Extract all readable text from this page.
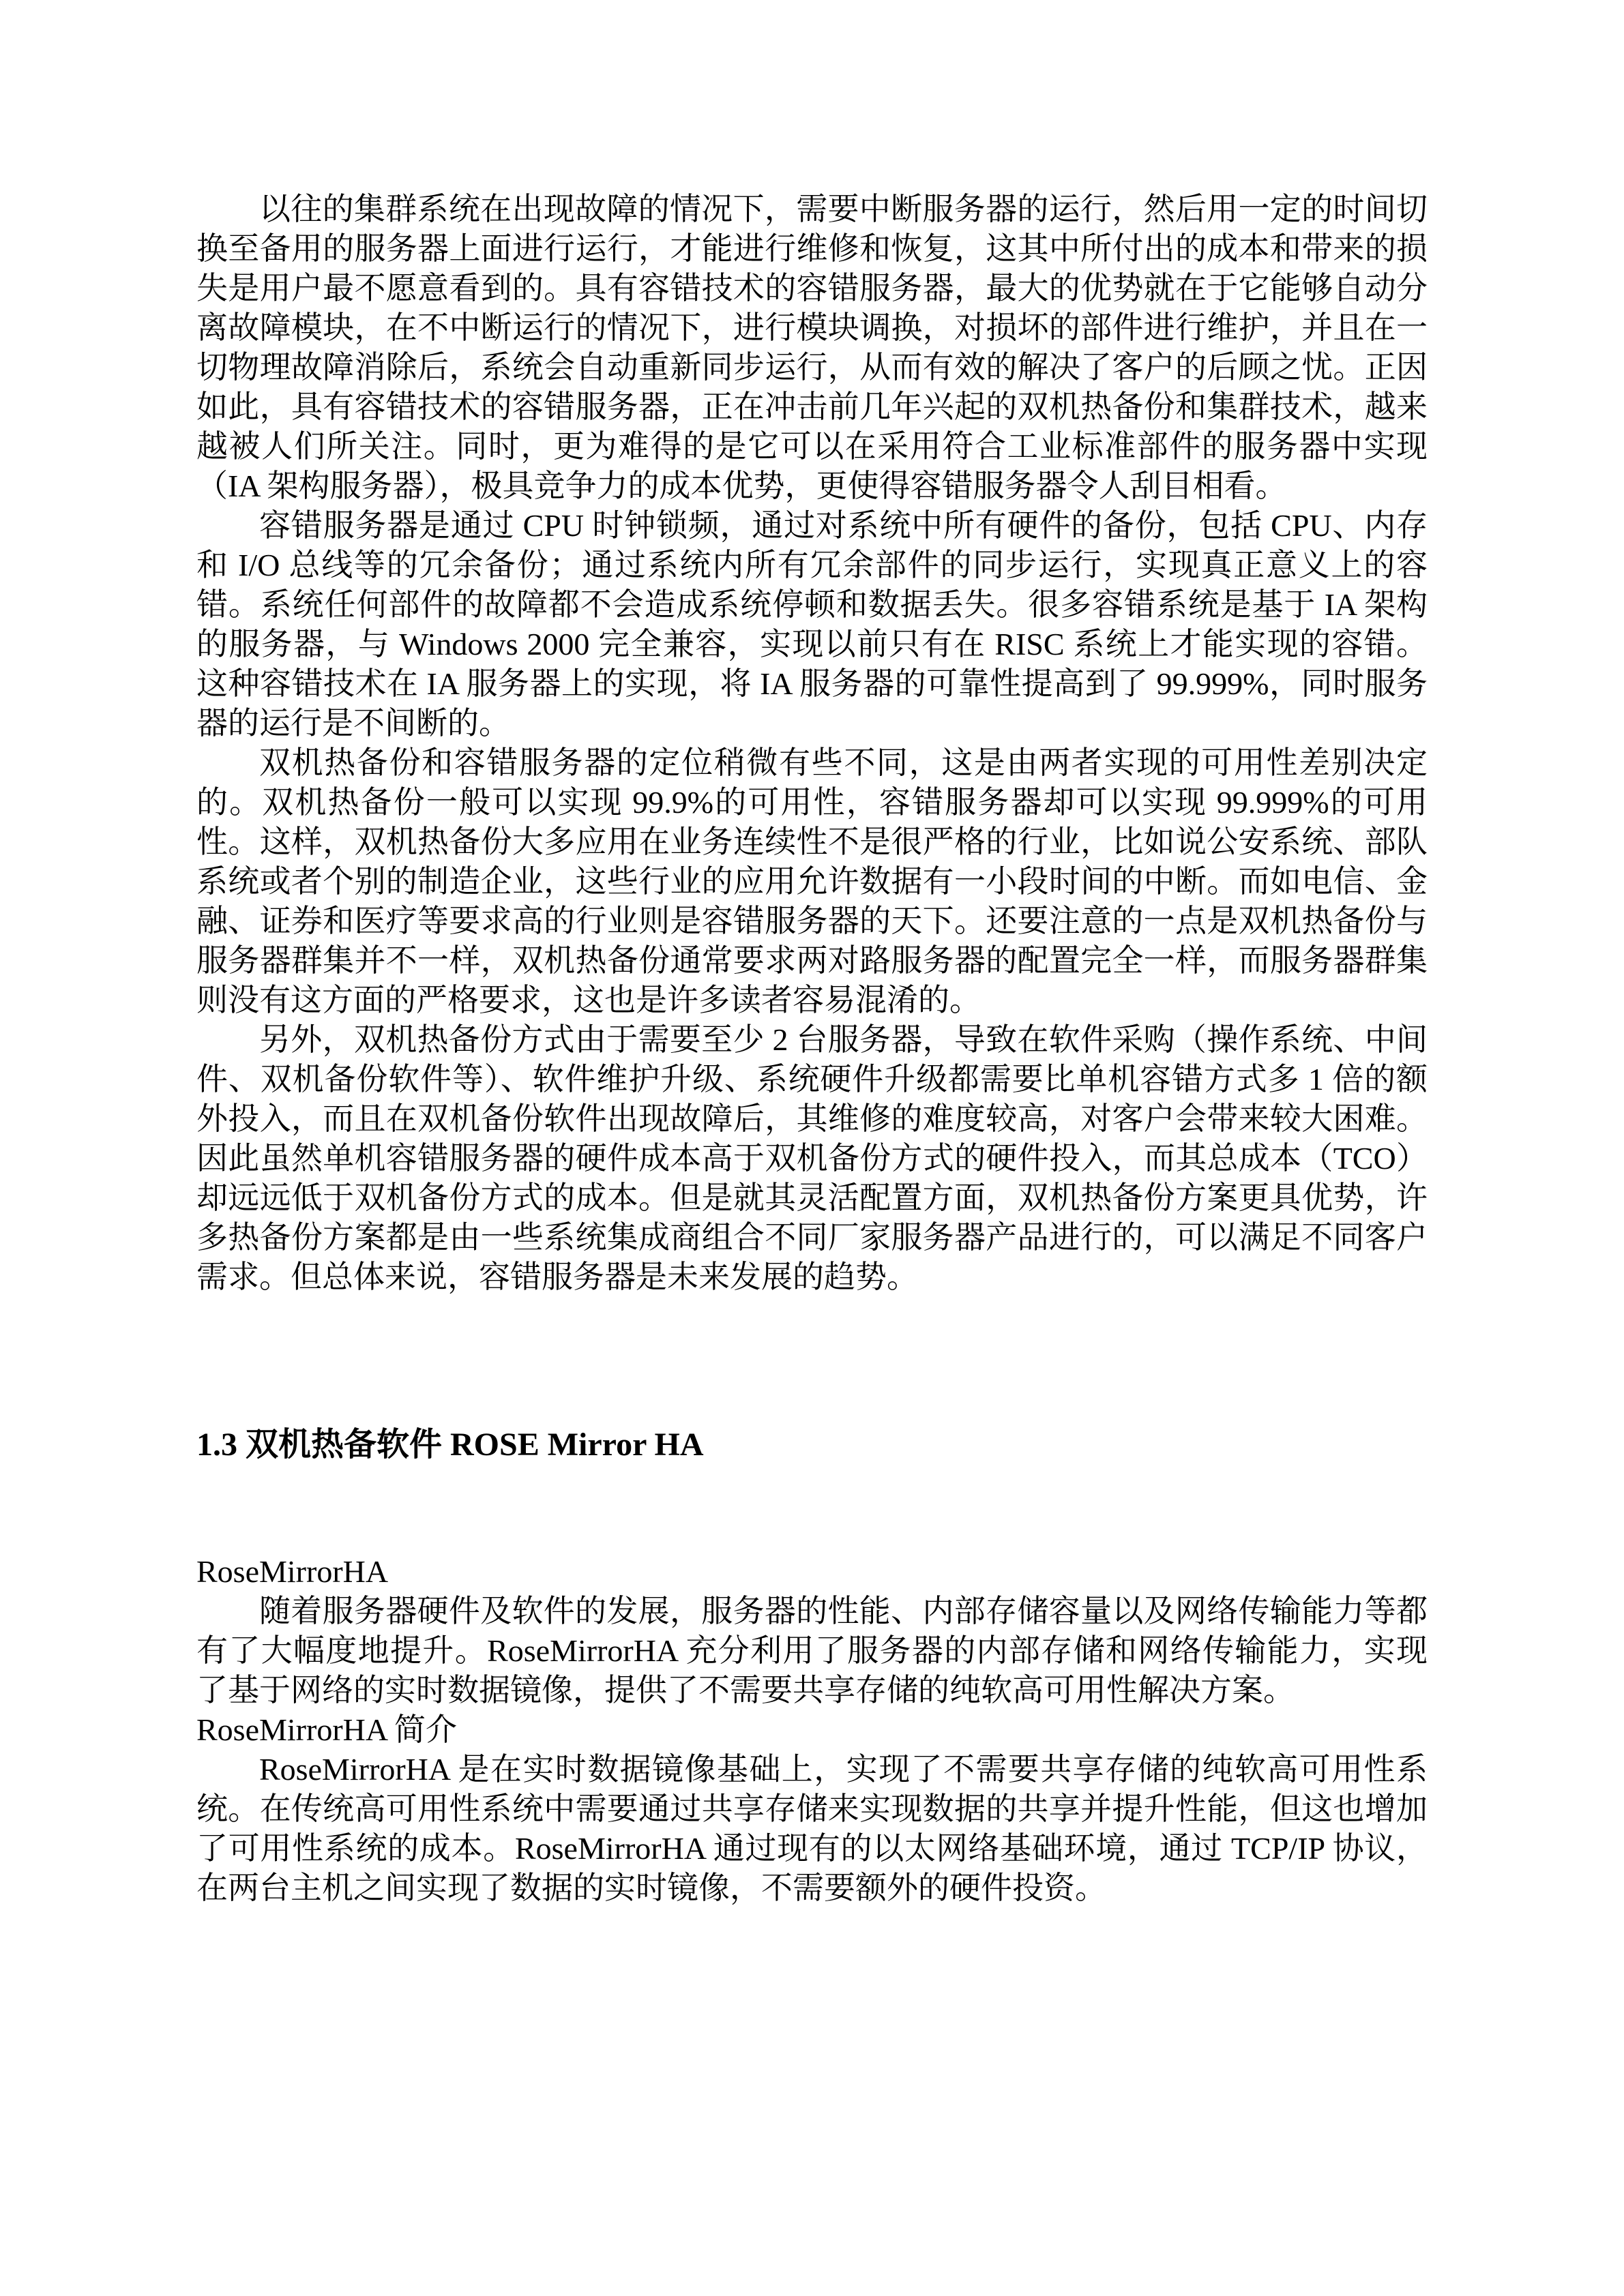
以往的集群系统在出现故障的情况下，需要中断服务器的运行，然后用一定的时间切换至备用的服务器上面进行运行，才能进行维修和恢复，这其中所付出的成本和带来的损失是用户最不愿意看到的。具有容错技术的容错服务器，最大的优势就在于它能够自动分离故障模块，在不中断运行的情况下，进行模块调换，对损坏的部件进行维护，并且在一切物理故障消除后，系统会自动重新同步运行，从而有效的解决了客户的后顾之忧。正因如此，具有容错技术的容错服务器，正在冲击前几年兴起的双机热备份和集群技术，越来越被人们所关注。同时，更为难得的是它可以在采用符合工业标准部件的服务器中实现（IA 架构服务器），极具竞争力的成本优势，更使得容错服务器令人刮目相看。

容错服务器是通过 CPU 时钟锁频，通过对系统中所有硬件的备份，包括 CPU、内存和 I/O 总线等的冗余备份；通过系统内所有冗余部件的同步运行，实现真正意义上的容错。系统任何部件的故障都不会造成系统停顿和数据丢失。很多容错系统是基于 IA 架构的服务器，与 Windows 2000 完全兼容，实现以前只有在 RISC 系统上才能实现的容错。这种容错技术在 IA 服务器上的实现，将 IA 服务器的可靠性提高到了 99.999%，同时服务器的运行是不间断的。

双机热备份和容错服务器的定位稍微有些不同，这是由两者实现的可用性差别决定的。双机热备份一般可以实现 99.9%的可用性，容错服务器却可以实现 99.999%的可用性。这样，双机热备份大多应用在业务连续性不是很严格的行业，比如说公安系统、部队系统或者个别的制造企业，这些行业的应用允许数据有一小段时间的中断。而如电信、金融、证券和医疗等要求高的行业则是容错服务器的天下。还要注意的一点是双机热备份与服务器群集并不一样，双机热备份通常要求两对路服务器的配置完全一样，而服务器群集则没有这方面的严格要求，这也是许多读者容易混淆的。

另外，双机热备份方式由于需要至少 2 台服务器，导致在软件采购（操作系统、中间件、双机备份软件等）、软件维护升级、系统硬件升级都需要比单机容错方式多 1 倍的额外投入，而且在双机备份软件出现故障后，其维修的难度较高，对客户会带来较大困难。因此虽然单机容错服务器的硬件成本高于双机备份方式的硬件投入，而其总成本（TCO）却远远低于双机备份方式的成本。但是就其灵活配置方面，双机热备份方案更具优势，许多热备份方案都是由一些系统集成商组合不同厂家服务器产品进行的，可以满足不同客户需求。但总体来说，容错服务器是未来发展的趋势。

1.3 双机热备软件 ROSE Mirror HA

RoseMirrorHA

随着服务器硬件及软件的发展，服务器的性能、内部存储容量以及网络传输能力等都有了大幅度地提升。RoseMirrorHA 充分利用了服务器的内部存储和网络传输能力，实现了基于网络的实时数据镜像，提供了不需要共享存储的纯软高可用性解决方案。

RoseMirrorHA 简介

RoseMirrorHA 是在实时数据镜像基础上，实现了不需要共享存储的纯软高可用性系统。在传统高可用性系统中需要通过共享存储来实现数据的共享并提升性能，但这也增加了可用性系统的成本。RoseMirrorHA 通过现有的以太网络基础环境，通过 TCP/IP 协议，在两台主机之间实现了数据的实时镜像，不需要额外的硬件投资。
